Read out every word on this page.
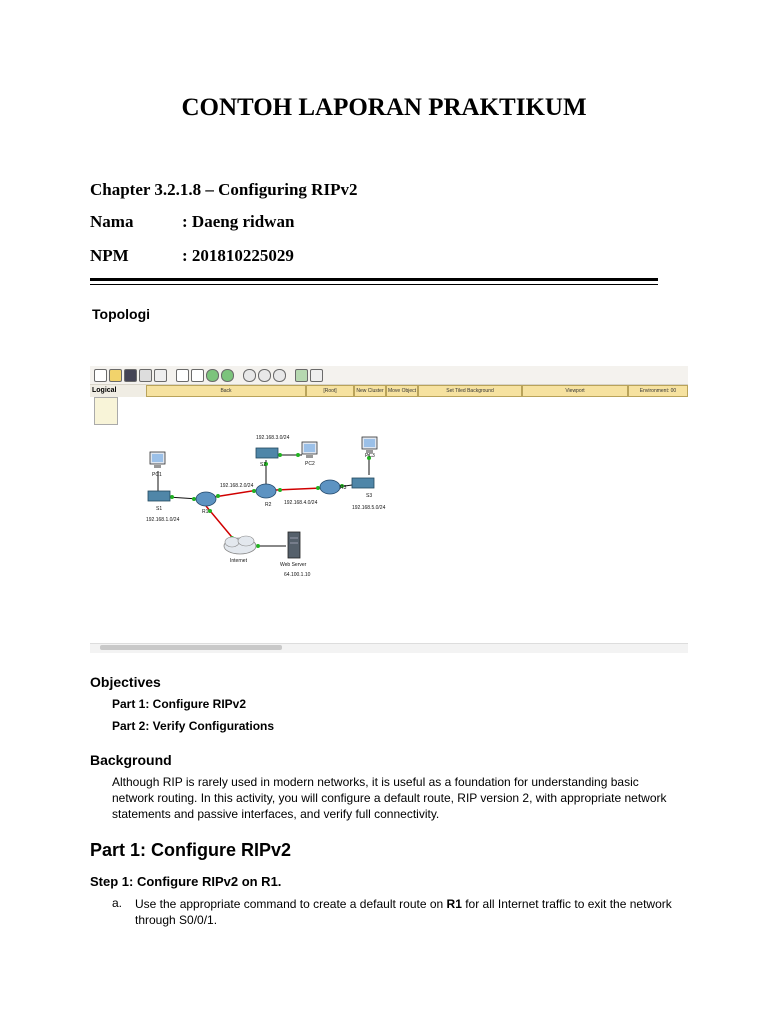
CONTOH LAPORAN PRAKTIKUM
Chapter 3.2.1.8 – Configuring RIPv2
Nama	: Daeng ridwan
NPM	: 201810225029
Topologi
PC1
PC2
PC3
S1
S2
S3
R1
R2
R3
Internet
Web Server
64.100.1.10
192.168.1.0/24
192.168.2.0/24
192.168.3.0/24
192.168.4.0/24
192.168.5.0/24
Logical	Back	[Root]	New Cluster Move Object	Set Tiled Background	Viewport	Environment: 00
Objectives
Part 1: Configure RIPv2
Part 2: Verify Configurations
Background
Although RIP is rarely used in modern networks, it is useful as a foundation for understanding basic network routing. In this activity, you will configure a default route, RIP version 2, with appropriate network statements and passive interfaces, and verify full connectivity.
Part 1: Configure RIPv2
Step 1: Configure RIPv2 on R1.
a. Use the appropriate command to create a default route on R1 for all Internet traffic to exit the network through S0/0/1.
